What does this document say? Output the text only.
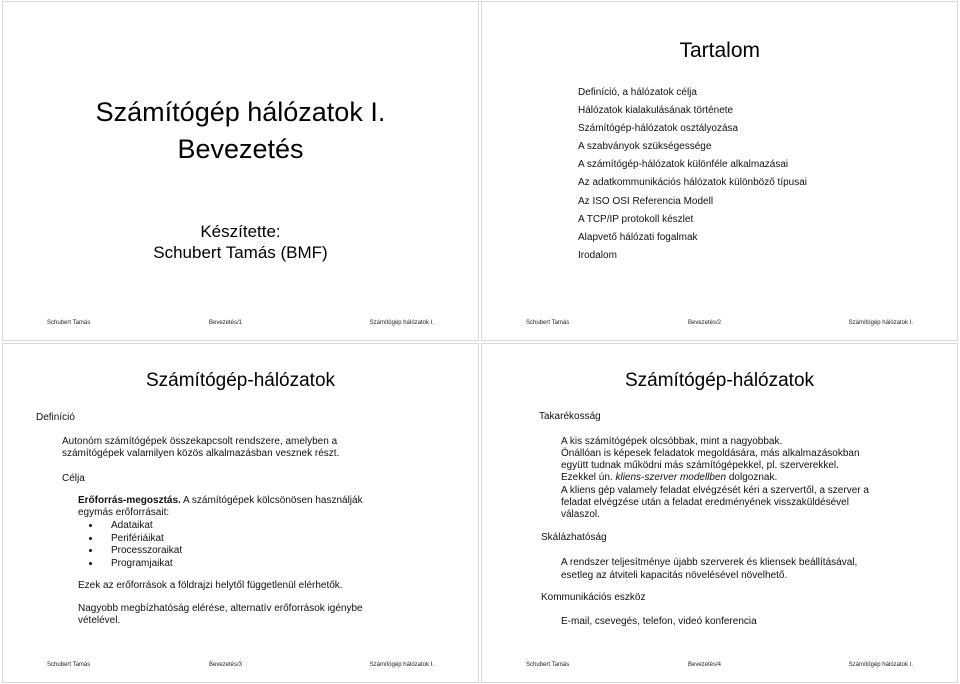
Számítógép hálózatok I.
Bevezetés
Készítette:
Schubert Tamás (BMF)
Schubert Tamás	Bevezetés/1	Számítógép hálózatok I.
Tartalom
Definíció, a hálózatok célja
Hálózatok kialakulásának története
Számítógép-hálózatok osztályozása
A szabványok szükségessége
A számítógép-hálózatok különféle alkalmazásai
Az adatkommunikációs hálózatok különböző típusai
Az ISO OSI Referencia Modell
A TCP/IP protokoll készlet
Alapvető hálózati fogalmak
Irodalom
Schubert Tamás	Bevezetés/2	Számítógép hálózatok I.
Számítógép-hálózatok
Definíció
Autonóm számítógépek összekapcsolt rendszere, amelyben a
számítógépek valamilyen közös alkalmazásban vesznek részt.
Célja
Erőforrás-megosztás. A számítógépek kölcsönösen használják
egymás erőforrásait:
Adataikat
Perifériáikat
Processzoraikat
Programjaikat
Ezek az erőforrások a földrajzi helytől függetlenül elérhetők.
Nagyobb megbízhatóság elérése, alternatív erőforrások igénybe
vételével.
Schubert Tamás	Bevezetés/3	Számítógép hálózatok I.
Számítógép-hálózatok
Takarékosság
A kis számítógépek olcsóbbak, mint a nagyobbak.
Önállóan is képesek feladatok megoldására, más alkalmazásokban
együtt tudnak működni más számítógépekkel, pl. szerverekkel.
Ezekkel ún. kliens-szerver modellben dolgoznak.
A kliens gép valamely feladat elvégzését kéri a szervertől, a szerver a
feladat elvégzése után a feladat eredményének visszaküldésével
válaszol.
Skálázhatóság
A rendszer teljesítménye újabb szerverek és kliensek beállításával,
esetleg az átviteli kapacitás növelésével növelhető.
Kommunikációs eszköz
E-mail, csevegés, telefon, videó konferencia
Schubert Tamás	Bevezetés/4	Számítógép hálózatok I.
